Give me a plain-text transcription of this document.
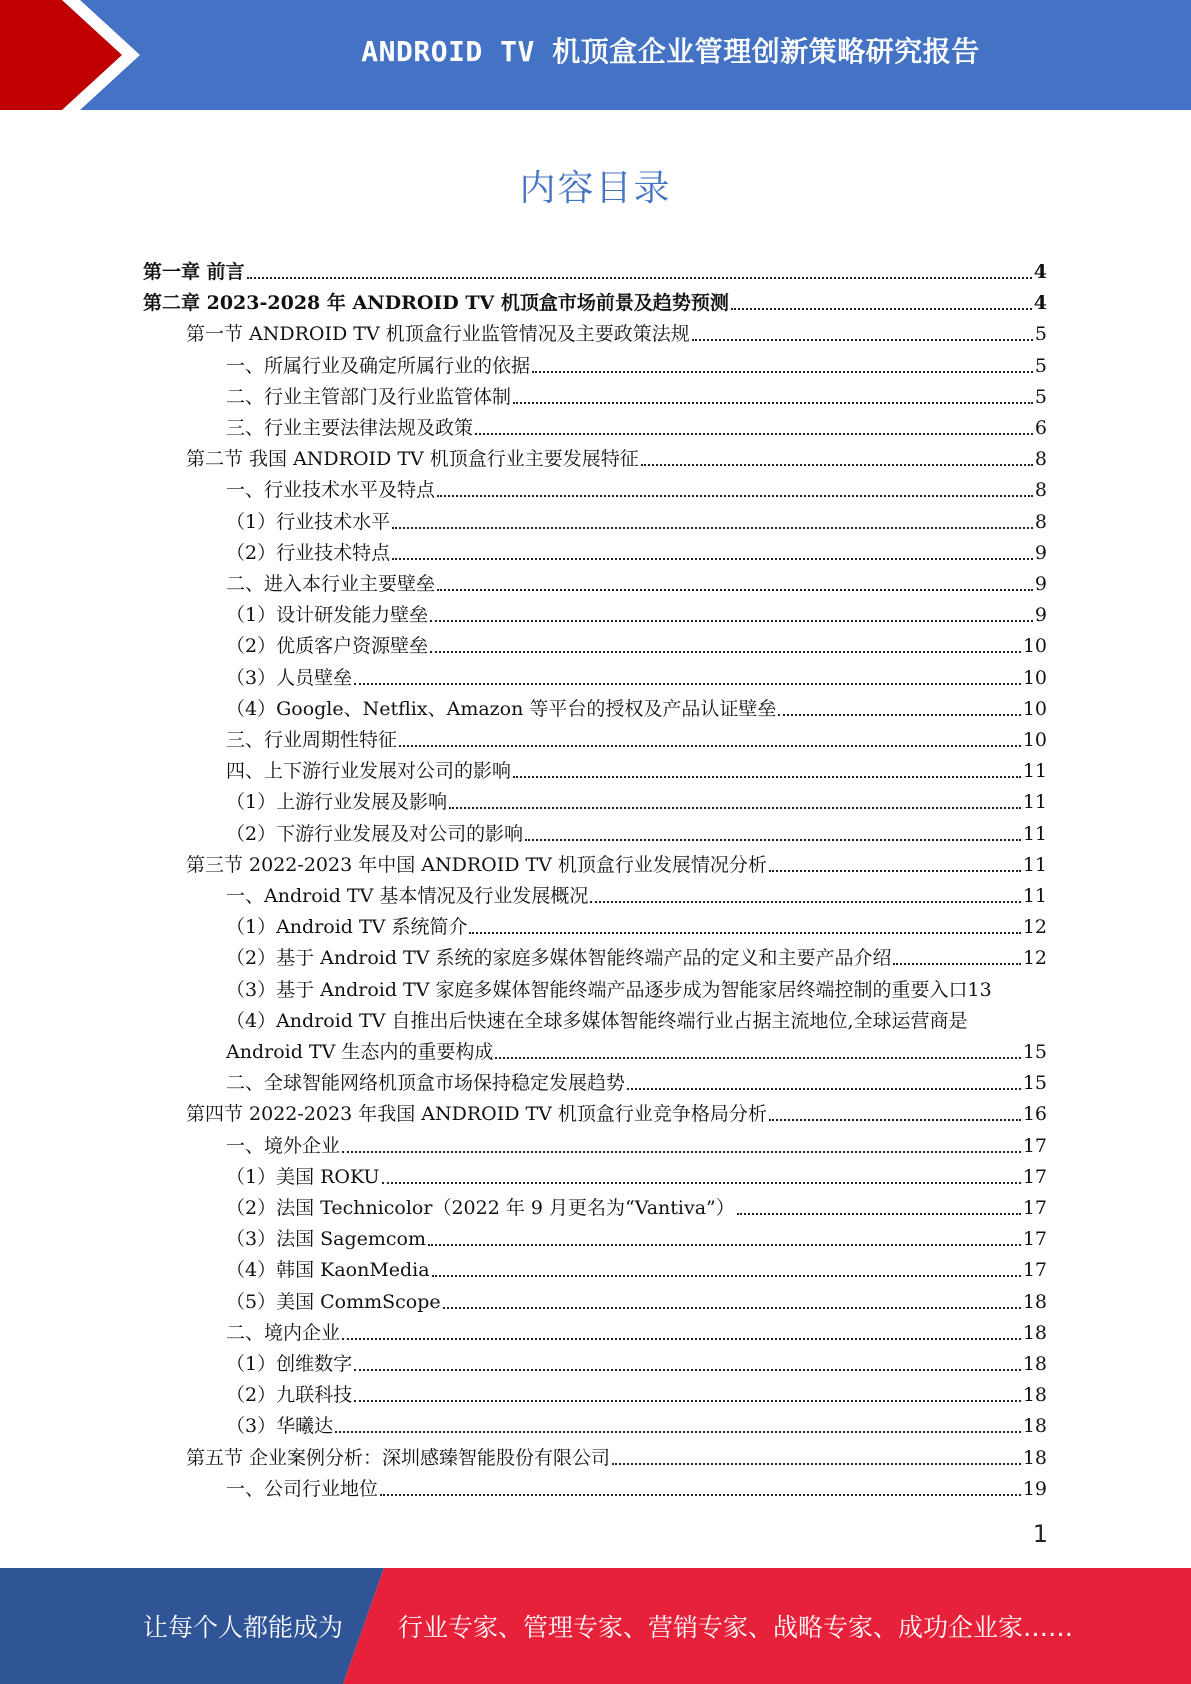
ANDROID TV 机顶盒企业管理创新策略研究报告
内容目录
第一章 前言	4
第二章 2023-2028 年 ANDROID TV 机顶盒市场前景及趋势预测	4
第一节 ANDROID TV 机顶盒行业监管情况及主要政策法规	5
一、所属行业及确定所属行业的依据	5
二、行业主管部门及行业监管体制	5
三、行业主要法律法规及政策	6
第二节 我国 ANDROID TV 机顶盒行业主要发展特征	8
一、行业技术水平及特点	8
（1）行业技术水平	8
（2）行业技术特点	9
二、进入本行业主要壁垒	9
（1）设计研发能力壁垒	9
（2）优质客户资源壁垒	10
（3）人员壁垒	10
（4）Google、Netflix、Amazon 等平台的授权及产品认证壁垒	10
三、行业周期性特征	10
四、上下游行业发展对公司的影响	11
（1）上游行业发展及影响	11
（2）下游行业发展及对公司的影响	11
第三节 2022-2023 年中国 ANDROID TV 机顶盒行业发展情况分析	11
一、Android TV 基本情况及行业发展概况	11
（1）Android TV 系统简介	12
（2）基于 Android TV 系统的家庭多媒体智能终端产品的定义和主要产品介绍	12
（3）基于 Android TV 家庭多媒体智能终端产品逐步成为智能家居终端控制的重要入口 13
（4）Android TV 自推出后快速在全球多媒体智能终端行业占据主流地位,全球运营商是
Android TV 生态内的重要构成	15
二、全球智能网络机顶盒市场保持稳定发展趋势	15
第四节 2022-2023 年我国 ANDROID TV 机顶盒行业竞争格局分析	16
一、境外企业	17
（1）美国 ROKU	17
（2）法国 Technicolor（2022 年 9 月更名为“Vantiva”）	17
（3）法国 Sagemcom	17
（4）韩国 KaonMedia	17
（5）美国 CommScope	18
二、境内企业	18
（1）创维数字	18
（2）九联科技	18
（3）华曦达	18
第五节 企业案例分析：深圳感臻智能股份有限公司	18
一、公司行业地位	19
1
让每个人都能成为 行业专家、管理专家、营销专家、战略专家、成功企业家……
